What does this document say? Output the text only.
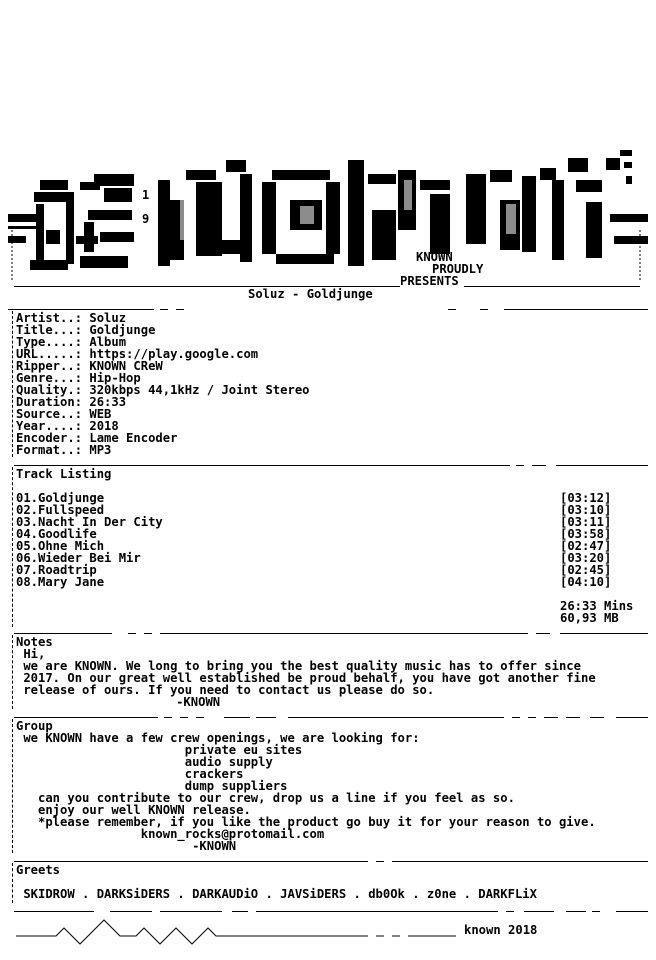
1
9
KNOWN
PROUDLY
PRESENTS
Soluz - Goldjunge
Artist..: Soluz
Title...: Goldjunge
Type....: Album
URL.....: https://play.google.com
Ripper..: KNOWN CReW
Genre...: Hip-Hop
Quality.: 320kbps 44,1kHz / Joint Stereo
Duration: 26:33
Source..: WEB
Year....: 2018
Encoder.: Lame Encoder
Format..: MP3
Track Listing
01.Goldjunge	[03:12]
02.Fullspeed	[03:10]
03.Nacht In Der City	[03:11]
04.Goodlife	[03:58]
05.Ohne Mich	[02:47]
06.Wieder Bei Mir	[03:20]
07.Roadtrip	[02:45]
08.Mary Jane	[04:10]
26:33 Mins
60,93 MB
Notes
Hi,
we are KNOWN. We long to bring you the best quality music has to offer since
2017. On our great well established be proud behalf, you have got another fine
release of ours. If you need to contact us please do so.
-KNOWN
Group
we KNOWN have a few crew openings, we are looking for:
private eu sites
audio supply
crackers
dump suppliers
can you contribute to our crew, drop us a line if you feel as so.
enjoy our well KNOWN release.
*please remember, if you like the product go buy it for your reason to give.
known_rocks@protomail.com
-KNOWN
Greets
SKIDROW . DARKSiDERS . DARKAUDiO . JAVSiDERS . db0Ok . z0ne . DARKFLiX
known 2018
